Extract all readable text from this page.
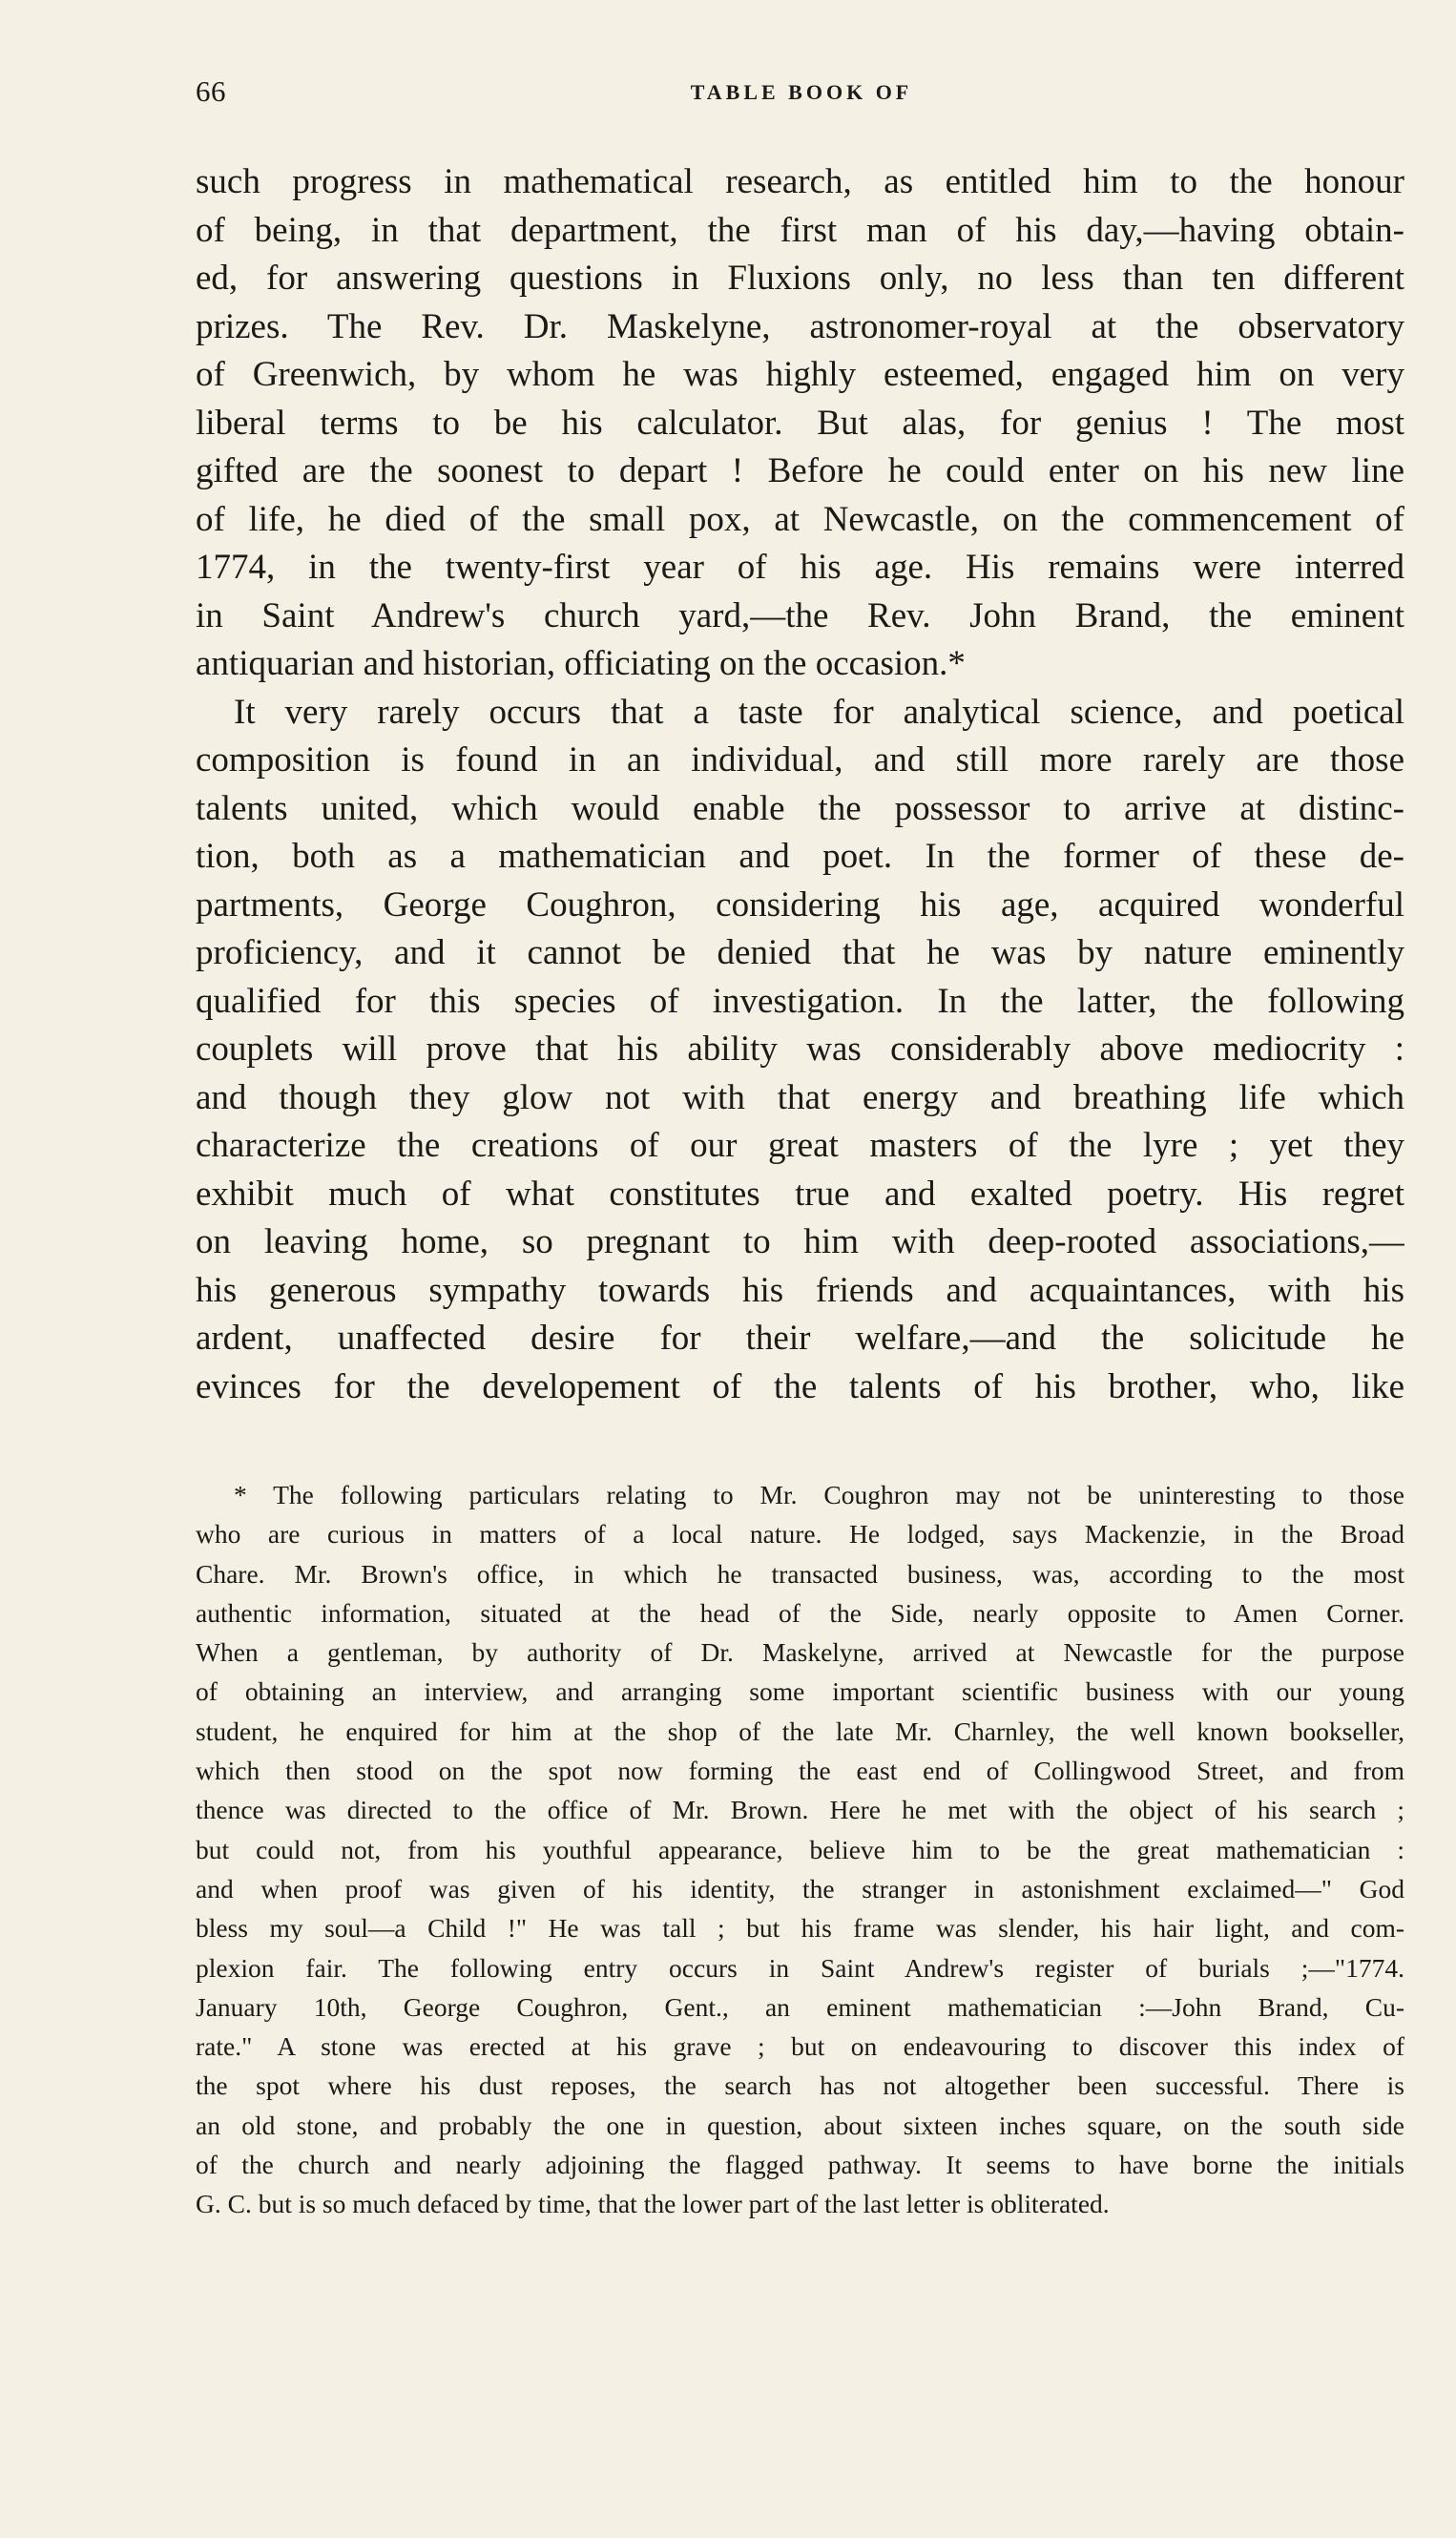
66	TABLE BOOK OF
such progress in mathematical research, as entitled him to the honour
of being, in that department, the first man of his day,—having obtain-
ed, for answering questions in Fluxions only, no less than ten different
prizes. The Rev. Dr. Maskelyne, astronomer-royal at the observatory
of Greenwich, by whom he was highly esteemed, engaged him on very
liberal terms to be his calculator. But alas, for genius ! The most
gifted are the soonest to depart ! Before he could enter on his new line
of life, he died of the small pox, at Newcastle, on the commencement of
1774, in the twenty-first year of his age. His remains were interred
in Saint Andrew's church yard,—the Rev. John Brand, the eminent
antiquarian and historian, officiating on the occasion.*
It very rarely occurs that a taste for analytical science, and poetical
composition is found in an individual, and still more rarely are those
talents united, which would enable the possessor to arrive at distinc-
tion, both as a mathematician and poet. In the former of these de-
partments, George Coughron, considering his age, acquired wonderful
proficiency, and it cannot be denied that he was by nature eminently
qualified for this species of investigation. In the latter, the following
couplets will prove that his ability was considerably above mediocrity :
and though they glow not with that energy and breathing life which
characterize the creations of our great masters of the lyre ; yet they
exhibit much of what constitutes true and exalted poetry. His regret
on leaving home, so pregnant to him with deep-rooted associations,—
his generous sympathy towards his friends and acquaintances, with his
ardent, unaffected desire for their welfare,—and the solicitude he
evinces for the developement of the talents of his brother, who, like
* The following particulars relating to Mr. Coughron may not be uninteresting to those
who are curious in matters of a local nature. He lodged, says Mackenzie, in the Broad
Chare. Mr. Brown's office, in which he transacted business, was, according to the most
authentic information, situated at the head of the Side, nearly opposite to Amen Corner.
When a gentleman, by authority of Dr. Maskelyne, arrived at Newcastle for the purpose
of obtaining an interview, and arranging some important scientific business with our young
student, he enquired for him at the shop of the late Mr. Charnley, the well known bookseller,
which then stood on the spot now forming the east end of Collingwood Street, and from
thence was directed to the office of Mr. Brown. Here he met with the object of his search ;
but could not, from his youthful appearance, believe him to be the great mathematician :
and when proof was given of his identity, the stranger in astonishment exclaimed—" God
bless my soul—a Child !" He was tall ; but his frame was slender, his hair light, and com-
plexion fair. The following entry occurs in Saint Andrew's register of burials ;—"1774.
January 10th, George Coughron, Gent., an eminent mathematician :—John Brand, Cu-
rate." A stone was erected at his grave ; but on endeavouring to discover this index of
the spot where his dust reposes, the search has not altogether been successful. There is
an old stone, and probably the one in question, about sixteen inches square, on the south side
of the church and nearly adjoining the flagged pathway. It seems to have borne the initials
G. C. but is so much defaced by time, that the lower part of the last letter is obliterated.
